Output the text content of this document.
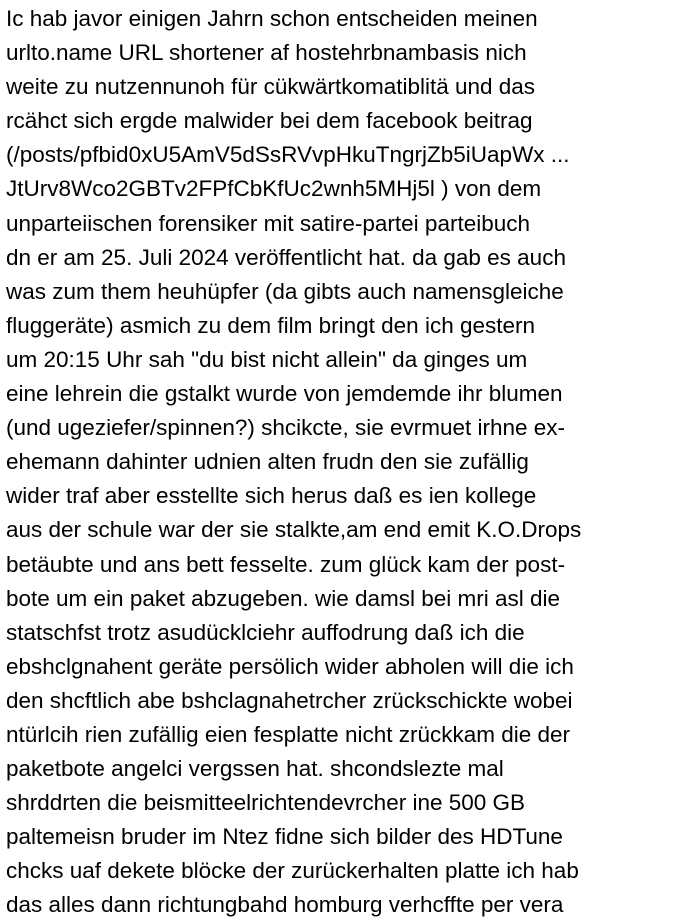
Ic hab javor einigen Jahrn schon entscheiden meinen
urlto.name URL shortener af hostehrbnambasis nich
weite zu nutzennunoh für cükwärtkomatiblitä und das
rcähct sich ergde malwider bei dem facebook beitrag
(/posts/pfbid0xU5AmV5dSsRVvpHkuTngrjZb5iUapWx ...
JtUrv8Wco2GBTv2FPfCbKfUc2wnh5MHj5l ) von dem
unparteiischen forensiker mit satire-partei parteibuch
dn er am 25. Juli 2024 veröffentlicht hat. da gab es auch
was zum them heuhüpfer (da gibts auch namensgleiche
fluggeräte) asmich zu dem film bringt den ich gestern
um 20:15 Uhr sah "du bist nicht allein" da ginges um
eine lehrein die gstalkt wurde von jemdemde ihr blumen
(und ugeziefer/spinnen?) shcikcte, sie evrmuet irhne ex-
ehemann dahinter udnien alten frudn den sie zufällig
wider traf aber esstellte sich herus daß es ien kollege
aus der schule war der sie stalkte,am end emit K.O.Drops
betäubte und ans bett fesselte. zum glück kam der post-
bote um ein paket abzugeben. wie damsl bei mri asl die
statschfst trotz asudücklciehr auffodrung daß ich die
ebshclgnahent geräte persölich wider abholen will die ich
den shcftlich abe bshclagnahetrcher zrückschickte wobei
ntürlcih rien zufällig eien fesplatte nicht zrückkam die der
paketbote angelci vergssen hat. shcondslezte mal
shrddrten die beismitteelrichtendevrcher ine 500 GB
paltemeisn bruder im Ntez fidne sich bilder des HDTune
chcks uaf dekete blöcke der zurückerhalten platte ich hab
das alles dann richtungbahd homburg verhcffte per vera
